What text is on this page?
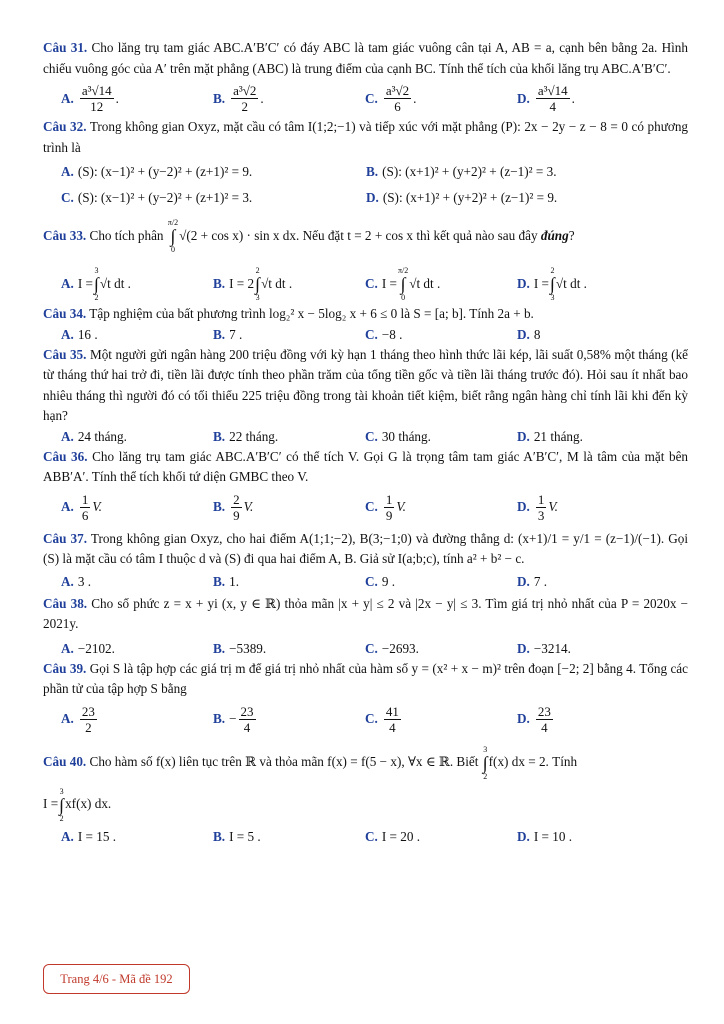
Câu 31. Cho lăng trụ tam giác ABC.A′B′C′ có đáy ABC là tam giác vuông cân tại A, AB = a, cạnh bên bằng 2a. Hình chiếu vuông góc của A′ trên mặt phẳng (ABC) là trung điểm của cạnh BC. Tính thể tích của khối lăng trụ ABC.A′B′C′.
A. $\frac{\text{a³√14}}{12}$ .	B. $\frac{\text{a³√2}}{2}$ .	C. $\frac{\text{a³√2}}{6}$ .	D. $\frac{\text{a³√14}}{4}$ .
Câu 32. Trong không gian Oxyz, mặt cầu có tâm I(1;2;−1) và tiếp xúc với mặt phẳng (P): 2x − 2y − z − 8 = 0 có phương trình là
A. (S): (x−1)² + (y−2)² + (z+1)² = 9.	B. (S): (x+1)² + (y+2)² + (z−1)² = 3.
C. (S): (x−1)² + (y−2)² + (z+1)² = 3.	D. (S): (x+1)² + (y+2)² + (z−1)² = 9.
Câu 33.
Cho tích phân

π/2
∫
0
√(2 + cos x) · sin x dx.
Nếu đặt t = 2 + cos x thì kết quả nào sau đây
đúng ?
A. I =
3
∫
2
√t dt .	B. I = 2
2
∫
3
√t dt .	C. I =
π/2
∫
0
√t dt .	D. I =
2
∫
3
√t dt .
Câu 34. Tập nghiệm của bất phương trình log₂² x − 5log₂ x + 6 ≤ 0 là S = [a; b]. Tính 2a + b.
A. 16 .	B. 7 .	C. −8 .	D. 8
Câu 35. Một người gửi ngân hàng 200 triệu đồng với kỳ hạn 1 tháng theo hình thức lãi kép, lãi suất 0,58% một tháng (kể từ tháng thứ hai trở đi, tiền lãi được tính theo phần trăm của tổng tiền gốc và tiền lãi tháng trước đó). Hỏi sau ít nhất bao nhiêu tháng thì người đó có tối thiểu 225 triệu đồng trong tài khoản tiết kiệm, biết rằng ngân hàng chỉ tính lãi khi đến kỳ hạn?
A. 24 tháng.	B. 22 tháng.	C. 30 tháng.	D. 21 tháng.
Câu 36. Cho lăng trụ tam giác ABC.A′B′C′ có thể tích V. Gọi G là trọng tâm tam giác A′B′C′, M là tâm của mặt bên ABB′A′. Tính thể tích khối tứ diện GMBC theo V.
A. $\frac{1}{6} V$.	B. $\frac{2}{9} V$.	C. $\frac{1}{9} V$.	D. $\frac{1}{3} V$.
Câu 37. Trong không gian Oxyz, cho hai điểm A(1;1;−2), B(3;−1;0) và đường thẳng d: (x+1)/1 = y/1 = (z−1)/(−1). Gọi (S) là mặt cầu có tâm I thuộc d và (S) đi qua hai điểm A, B. Giả sử I(a;b;c), tính a² + b² − c.
A. 3 .	B. 1.	C. 9 .	D. 7 .
Câu 38. Cho số phức z = x + yi (x, y ∈ ℝ) thỏa mãn |x + y| ≤ 2 và |2x − y| ≤ 3. Tìm giá trị nhỏ nhất của P = 2020x − 2021y.
A. −2102.	B. −5389.	C. −2693.	D. −3214.
Câu 39. Gọi S là tập hợp các giá trị m để giá trị nhỏ nhất của hàm số y = (x² + x − m)² trên đoạn [−2; 2] bằng 4. Tổng các phần tử của tập hợp S bằng
A. $\frac{23}{2}$	B. − $\frac{23}{4}$	C. $\frac{41}{4}$	D. $\frac{23}{4}$
Câu 40.
Cho hàm số f(x) liên tục trên ℝ và thỏa mãn f(x) = f(5 − x), ∀x ∈ ℝ. Biết

3
∫
2
f(x) dx = 2.
Tính
I =
3
∫
2
xf(x) dx.
A. I = 15 .	B. I = 5 .	C. I = 20 .	D. I = 10 .
Trang 4/6 - Mã đề 192
